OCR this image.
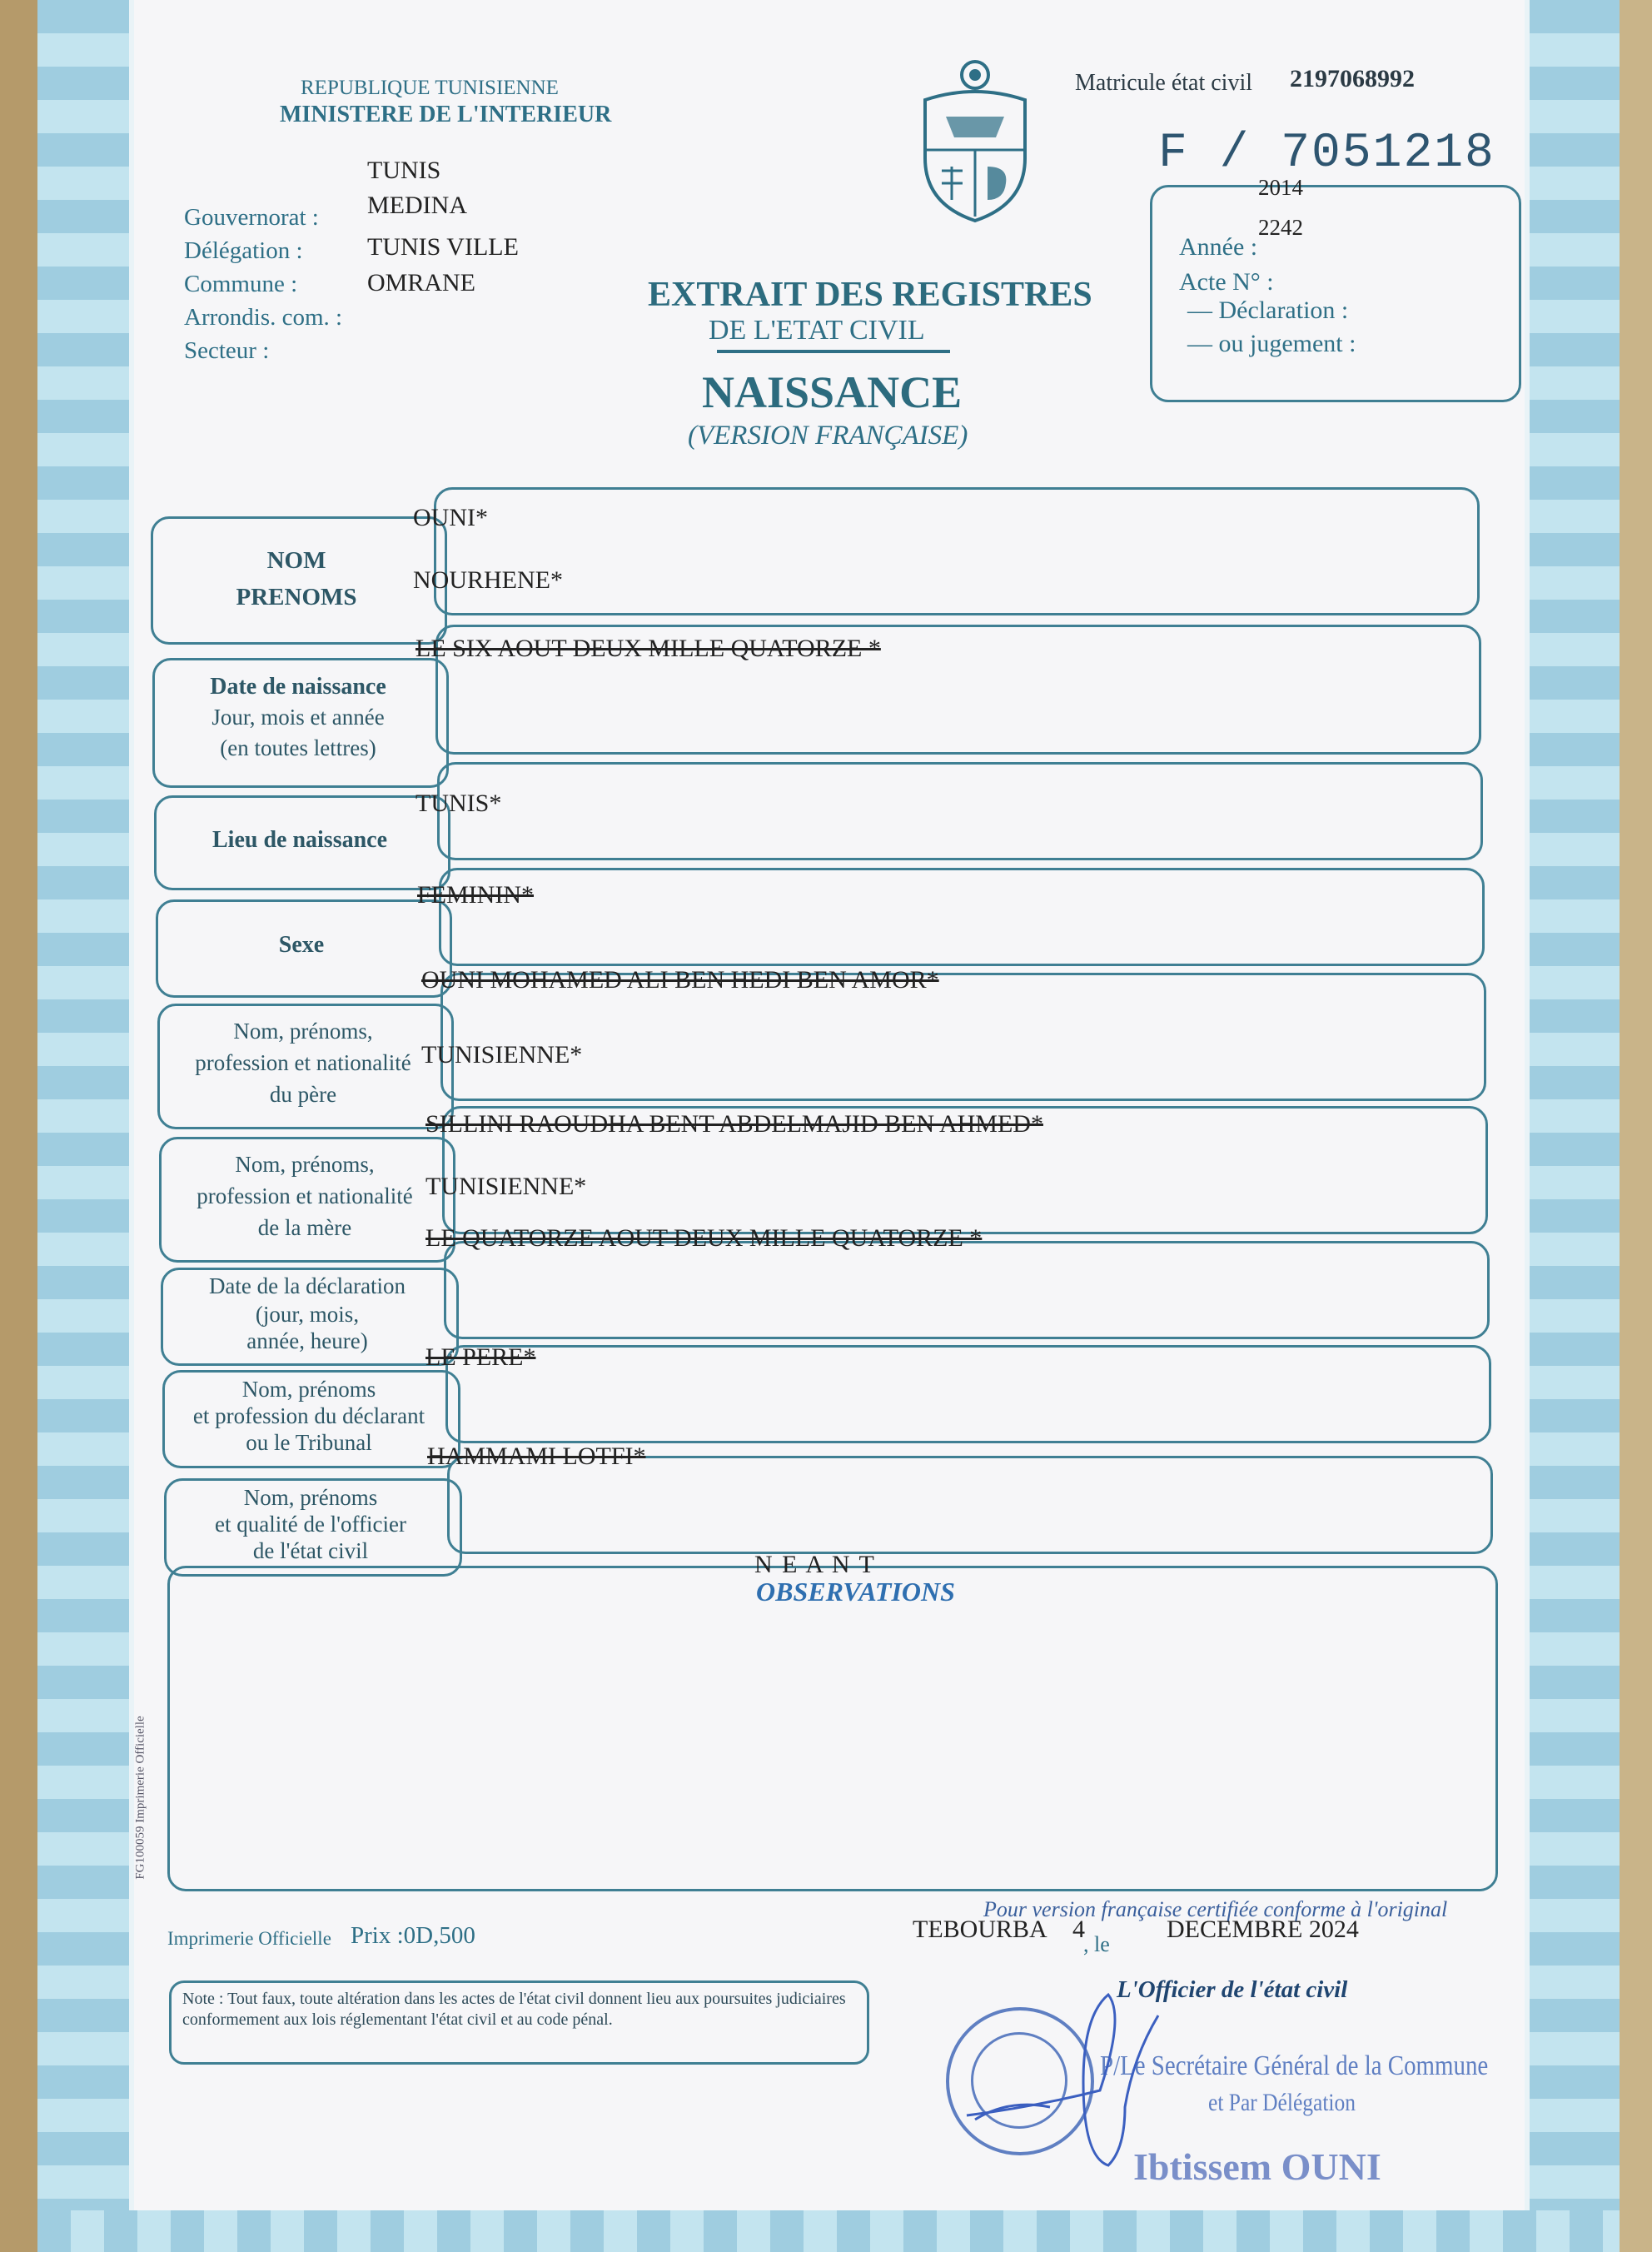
REPUBLIQUE TUNISIENNE
MINISTERE DE L'INTERIEUR
Gouvernorat :
Délégation :
Commune :
Arrondis. com. :
Secteur :
TUNIS
MEDINA
TUNIS VILLE
OMRANE
Matricule état civil 2197068992
F / 7051218
Année :
2014
Acte N° :
2242
— Déclaration :
— ou jugement :
EXTRAIT DES REGISTRES
DE L'ETAT CIVIL
NAISSANCE
(VERSION FRANÇAISE)
NOM
PRENOMS
OUNI*
NOURHENE*
Date de naissance
Jour, mois et année
(en toutes lettres)
LE SIX AOUT DEUX MILLE QUATORZE *
Lieu de naissance
TUNIS*
Sexe
FEMININ*
Nom, prénoms,
profession et nationalité
du père
OUNI MOHAMED ALI BEN HEDI BEN AMOR*
TUNISIENNE*
Nom, prénoms,
profession et nationalité
de la mère
SILLINI RAOUDHA BENT ABDELMAJID BEN AHMED*
TUNISIENNE*
Date de la déclaration
(jour, mois,
année, heure)
LE QUATORZE AOUT DEUX MILLE QUATORZE *
Nom, prénoms
et profession du déclarant
ou le Tribunal
LE PERE*
Nom, prénoms
et qualité de l'officier
de l'état civil
HAMMAMI LOTFI*
N E A N T
OBSERVATIONS
FG100059 Imprimerie Officielle
Imprimerie Officielle Prix :0D,500
Pour version française certifiée conforme à l'original
TEBOURBA 4
, le
DECEMBRE 2024
L'Officier de l'état civil
Note : Tout faux, toute altération dans les actes de l'état civil donnent lieu aux poursuites judiciaires conformement aux lois réglementant l'état civil et au code pénal.
P/Le Secrétaire Général de la Commune
et Par Délégation
Ibtissem OUNI
